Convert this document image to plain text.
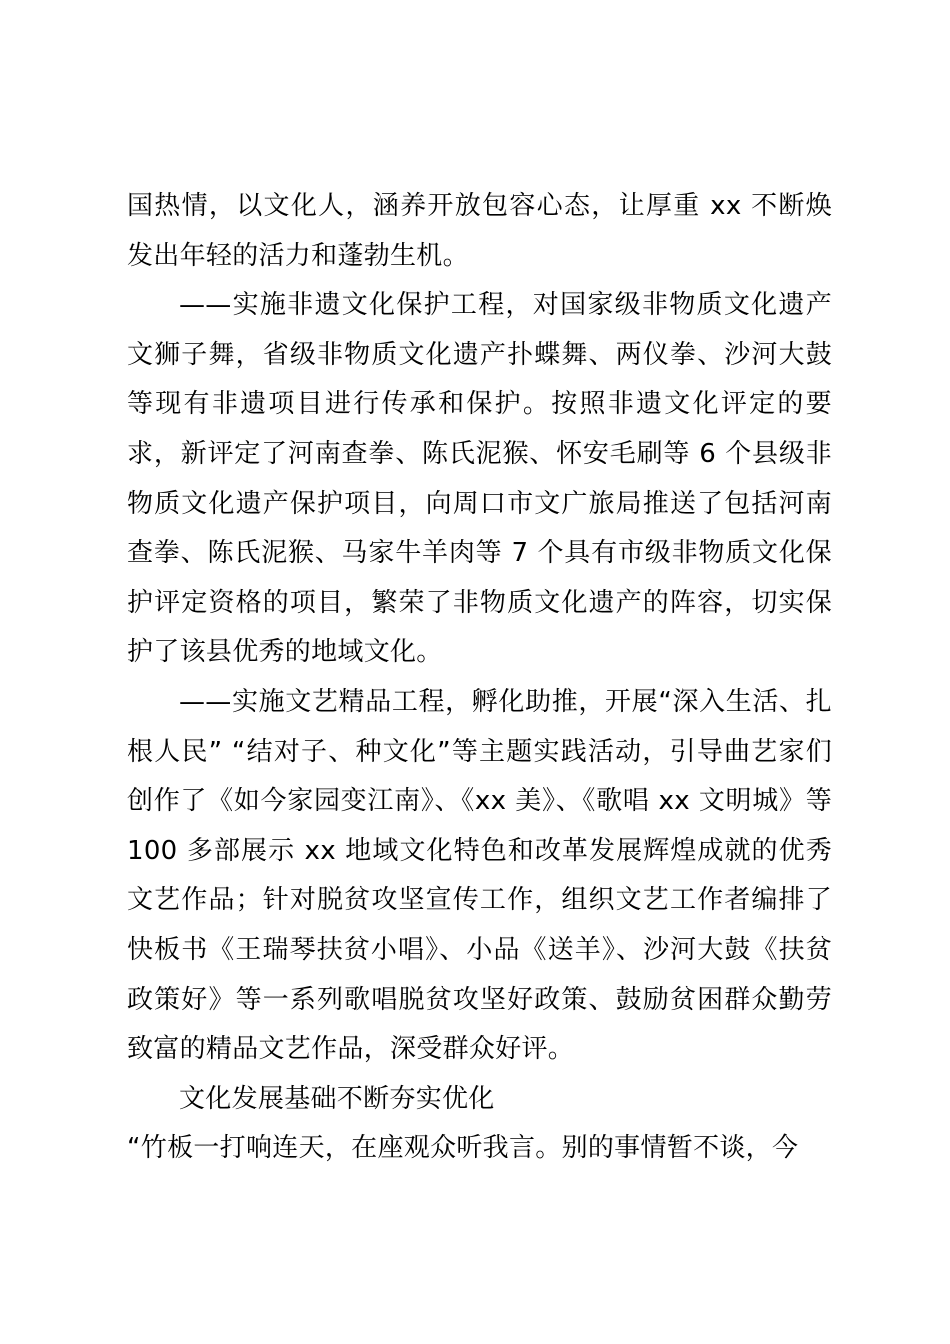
国热情，以文化人，涵养开放包容心态，让厚重 xx 不断焕发出年轻的活力和蓬勃生机。

——实施非遗文化保护工程，对国家级非物质文化遗产文狮子舞，省级非物质文化遗产扑蝶舞、两仪拳、沙河大鼓等现有非遗项目进行传承和保护。按照非遗文化评定的要求，新评定了河南查拳、陈氏泥猴、怀安毛刷等 6 个县级非物质文化遗产保护项目，向周口市文广旅局推送了包括河南查拳、陈氏泥猴、马家牛羊肉等 7 个具有市级非物质文化保护评定资格的项目，繁荣了非物质文化遗产的阵容，切实保护了该县优秀的地域文化。

——实施文艺精品工程，孵化助推，开展“深入生活、扎根人民” “结对子、种文化”等主题实践活动，引导曲艺家们创作了《如今家园变江南》、《xx 美》、《歌唱 xx 文明城》等 100 多部展示 xx 地域文化特色和改革发展辉煌成就的优秀文艺作品；针对脱贫攻坚宣传工作，组织文艺工作者编排了快板书《王瑞琴扶贫小唱》、小品《送羊》、沙河大鼓《扶贫政策好》等一系列歌唱脱贫攻坚好政策、鼓励贫困群众勤劳致富的精品文艺作品，深受群众好评。

文化发展基础不断夯实优化

“竹板一打响连天，在座观众听我言。别的事情暂不谈，今
